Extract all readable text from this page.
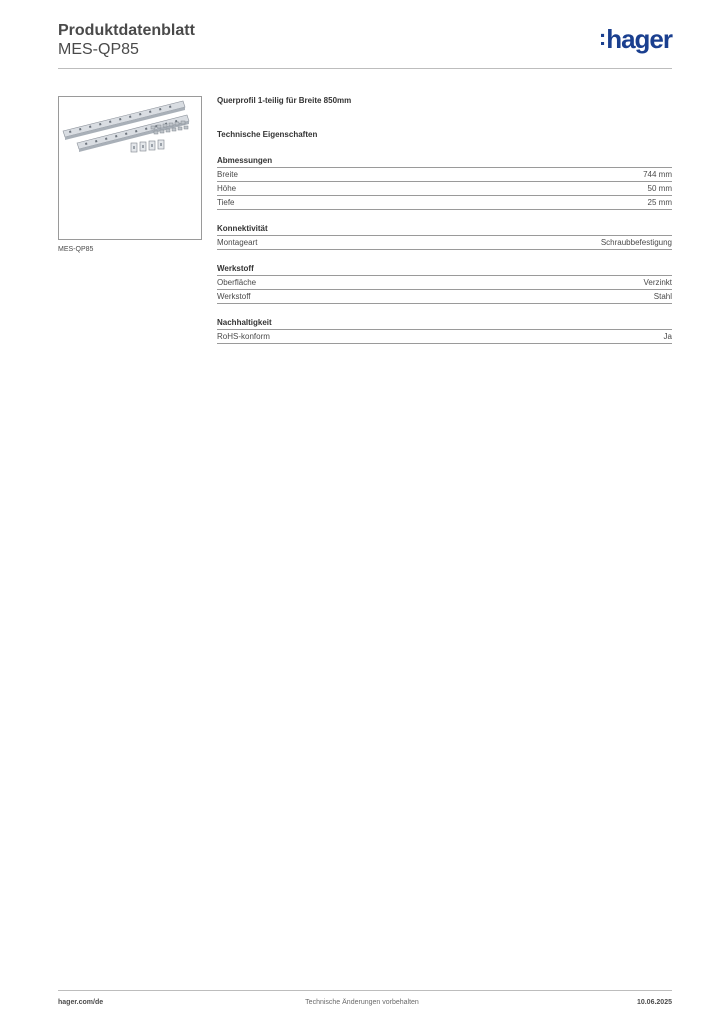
Produktdatenblatt
MES-QP85	:hager
MES-QP85
Querprofil 1-teilig für Breite 850mm
Technische Eigenschaften
Abmessungen
Breite	744 mm
Höhe	50 mm
Tiefe	25 mm
Konnektivität
Montageart	Schraubbefestigung
Werkstoff
Oberfläche	Verzinkt
Werkstoff	Stahl
Nachhaltigkeit
RoHS-konform	Ja
hager.com/de	Technische Änderungen vorbehalten	10.06.2025
